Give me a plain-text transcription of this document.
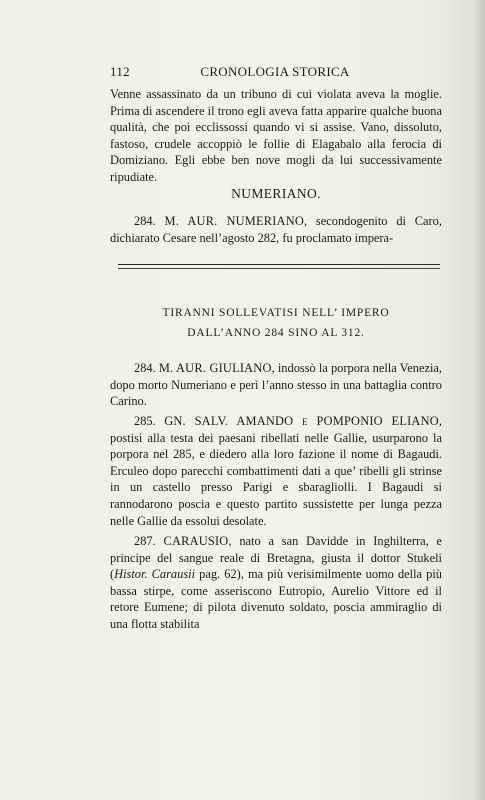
112	CRONOLOGIA STORICA

Venne assassinato da un tribuno di cui violata aveva la moglie. Prima di ascendere il trono egli aveva fatta apparire qualche buona qualità, che poi ecclissossi quando vi si assise. Vano, dissoluto, fastoso, crudele accoppiò le follie di Elagabalo alla ferocia di Domiziano. Egli ebbe ben nove mogli da lui successivamente ripudiate.

NUMERIANO.

284. M. AUR. NUMERIANO, secondogenito di Caro, dichiarato Cesare nell’agosto 282, fu proclamato impera-

TIRANNI SOLLEVATISI NELL’ IMPERO
DALL’ANNO 284 SINO AL 312.

284. M. AUR. GIULIANO, indossò la porpora nella Venezia, dopo morto Numeriano e perì l’anno stesso in una battaglia contro Carino.

285. GN. SALV. AMANDO e POMPONIO ELIANO, postisi alla testa dei paesani ribellati nelle Gallie, usurparono la porpora nel 285, e diedero alla loro fazione il nome di Bagaudi. Erculeo dopo parecchi combattimenti dati a que’ ribelli gli strinse in un castello presso Parigi e sbaragliolli. I Bagaudi si rannodarono poscia e questo partito sussistette per lunga pezza nelle Gallie da essolui desolate.

287. CARAUSIO, nato a san Davidde in Inghilterra, e principe del sangue reale di Bretagna, giusta il dottor Stukeli (Histor. Carausii pag. 62), ma più verisimilmente uomo della più bassa stirpe, come asseriscono Eutropio, Aurelio Vittore ed il retore Eumene; di pilota divenuto soldato, poscia ammiraglio di una flotta stabilita
